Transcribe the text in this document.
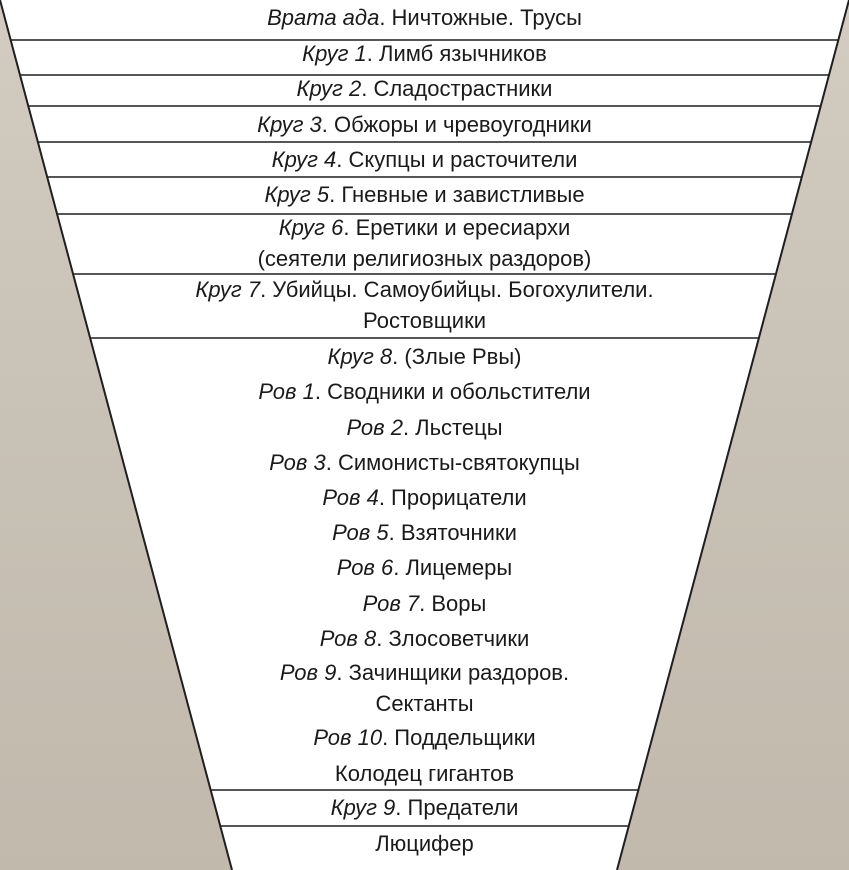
Врата ада. Ничтожные. Трусы
Круг 1. Лимб язычников
Круг 2. Сладострастники
Круг 3. Обжоры и чревоугодники
Круг 4. Скупцы и расточители
Круг 5. Гневные и завистливые
Круг 6. Еретики и ересиархи
(сеятели религиозных раздоров)
Круг 7. Убийцы. Самоубийцы. Богохулители.
Ростовщики
Круг 8. (Злые Рвы)
Ров 1. Сводники и обольстители
Ров 2. Льстецы
Ров 3. Симонисты-святокупцы
Ров 4. Прорицатели
Ров 5. Взяточники
Ров 6. Лицемеры
Ров 7. Воры
Ров 8. Злосоветчики
Ров 9. Зачинщики раздоров.
Сектанты
Ров 10. Поддельщики
Колодец гигантов
Круг 9. Предатели
Люцифер
